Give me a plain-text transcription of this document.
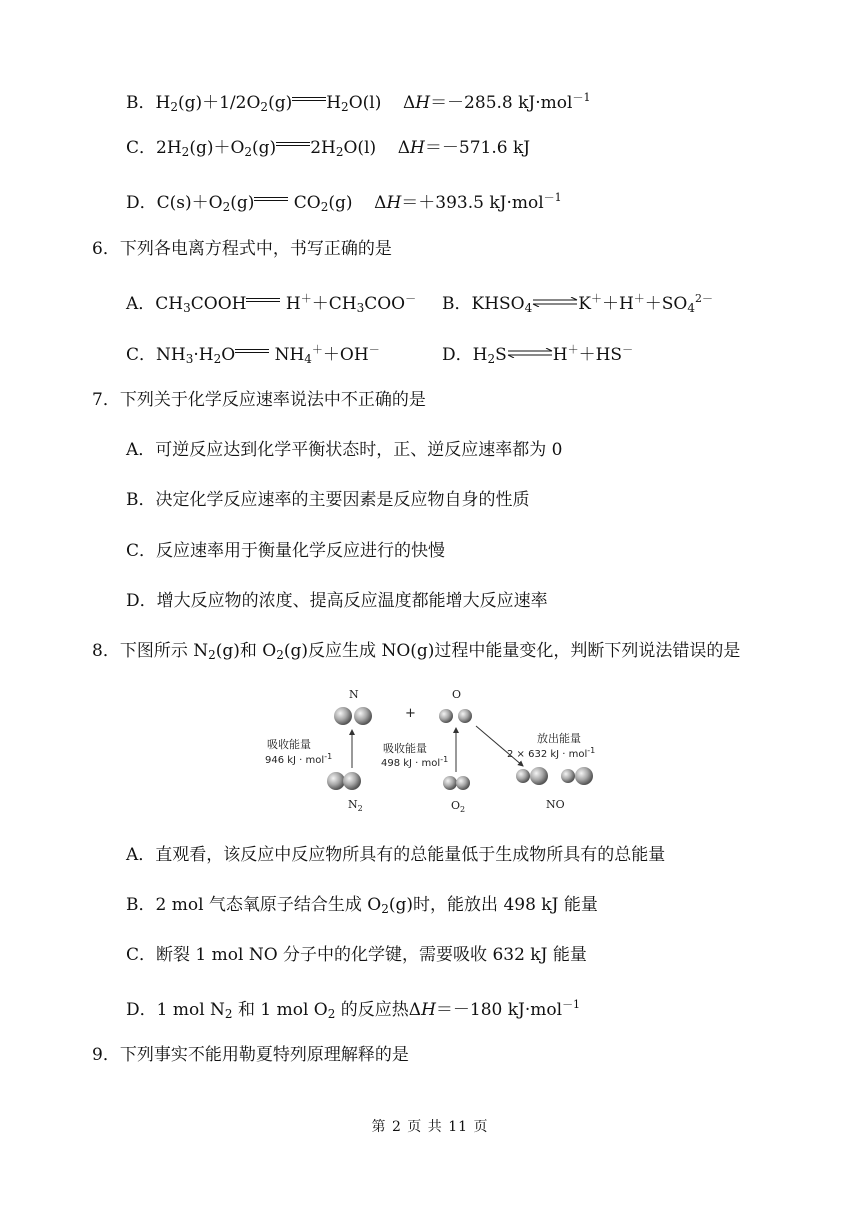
B．$H_2(g)+1/2O_2(g)$ $H_2O(l)$ ΔH＝－285.8 kJ·mol$^{-1}$
C．$2H_2(g)+O_2(g)$ $2H_2O(l)$ ΔH＝－571.6 kJ
D．$C(s)+O_2(g)$ $CO_2(g)$ ΔH＝＋393.5 kJ·mol$^{-1}$
6．下列各电离方程式中，书写正确的是
A．$CH_3COOH$ $H^++CH_3COO^-$ B．$KHSO_4\rightleftharpoons K^++H^++SO_4^{2-}$
C．$NH_3\cdot H_2O$ $NH_4^++OH^-$	D．$H_2S\rightleftharpoons H^++HS^-$
7．下列关于化学反应速率说法中不正确的是
A．可逆反应达到化学平衡状态时，正、逆反应速率都为 0
B．决定化学反应速率的主要因素是反应物自身的性质
C．反应速率用于衡量化学反应进行的快慢
D．增大反应物的浓度、提高反应温度都能增大反应速率
8．下图所示 $N_2(g)$和 $O_2(g)$反应生成 NO(g)过程中能量变化，判断下列说法错误的是
N
+
O
吸收能量
946 kJ · mol$^{-1}$
吸收能量
498 kJ · mol$^{-1}$
放出能量
2 × 632 kJ · mol$^{-1}$
$N_2$	$O_2$	NO
A．直观看，该反应中反应物所具有的总能量低于生成物所具有的总能量
B．2 mol 气态氧原子结合生成 $O_2(g)$时，能放出 498 kJ 能量
C．断裂 1 mol NO 分子中的化学键，需要吸收 632 kJ 能量
D．1 mol $N_2$ 和 1 mol $O_2$ 的反应热ΔH＝－180 kJ·mol$^{-1}$
9．下列事实不能用勒夏特列原理解释的是
第 2 页 共 11 页
